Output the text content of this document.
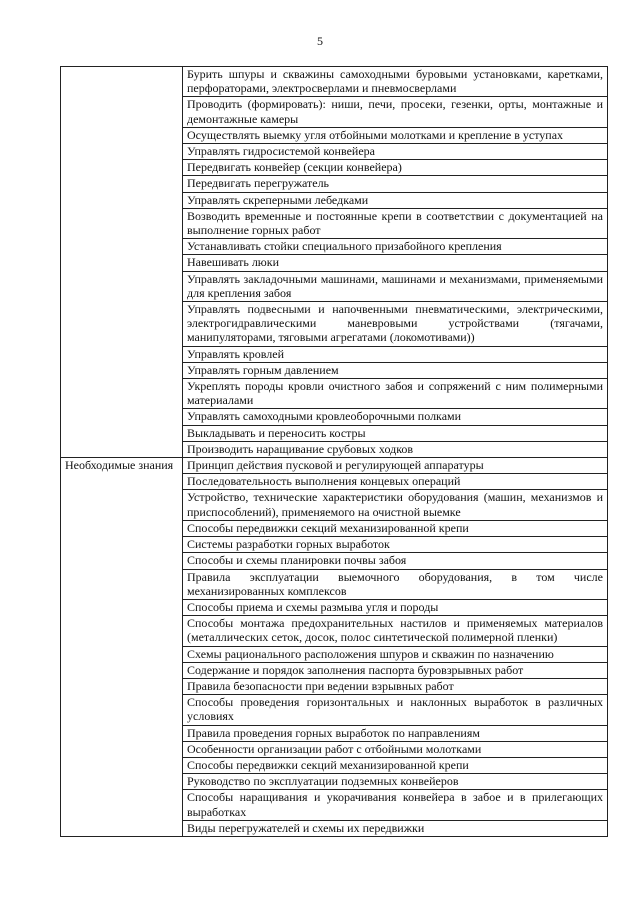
5
	Бурить шпуры и скважины самоходными буровыми установками, каретками, перфораторами, электросверлами и пневмосверлами
	Проводить (формировать): ниши, печи, просеки, гезенки, орты, монтажные и демонтажные камеры
	Осуществлять выемку угля отбойными молотками и крепление в уступах
	Управлять гидросистемой конвейера
	Передвигать конвейер (секции конвейера)
	Передвигать перегружатель
	Управлять скреперными лебедками
	Возводить временные и постоянные крепи в соответствии с документацией на выполнение горных работ
	Устанавливать стойки специального призабойного крепления
	Навешивать люки
	Управлять закладочными машинами, машинами и механизмами, применяемыми для крепления забоя
	Управлять подвесными и напочвенными пневматическими, электрическими, электрогидравлическими маневровыми устройствами (тягачами, манипуляторами, тяговыми агрегатами (локомотивами))
	Управлять кровлей
	Управлять горным давлением
	Укреплять породы кровли очистного забоя и сопряжений с ним полимерными материалами
	Управлять самоходными кровлеоборочными полками
	Выкладывать и переносить костры
	Производить наращивание срубовых ходков
Необходимые знания	Принцип действия пусковой и регулирующей аппаратуры
	Последовательность выполнения концевых операций
	Устройство, технические характеристики оборудования (машин, механизмов и приспособлений), применяемого на очистной выемке
	Способы передвижки секций механизированной крепи
	Системы разработки горных выработок
	Способы и схемы планировки почвы забоя
	Правила эксплуатации выемочного оборудования, в том числе механизированных комплексов
	Способы приема и схемы размыва угля и породы
	Способы монтажа предохранительных настилов и применяемых материалов (металлических сеток, досок, полос синтетической полимерной пленки)
	Схемы рационального расположения шпуров и скважин по назначению
	Содержание и порядок заполнения паспорта буровзрывных работ
	Правила безопасности при ведении взрывных работ
	Способы проведения горизонтальных и наклонных выработок в различных условиях
	Правила проведения горных выработок по направлениям
	Особенности организации работ с отбойными молотками
	Способы передвижки секций механизированной крепи
	Руководство по эксплуатации подземных конвейеров
	Способы наращивания и укорачивания конвейера в забое и в прилегающих выработках
	Виды перегружателей и схемы их передвижки
